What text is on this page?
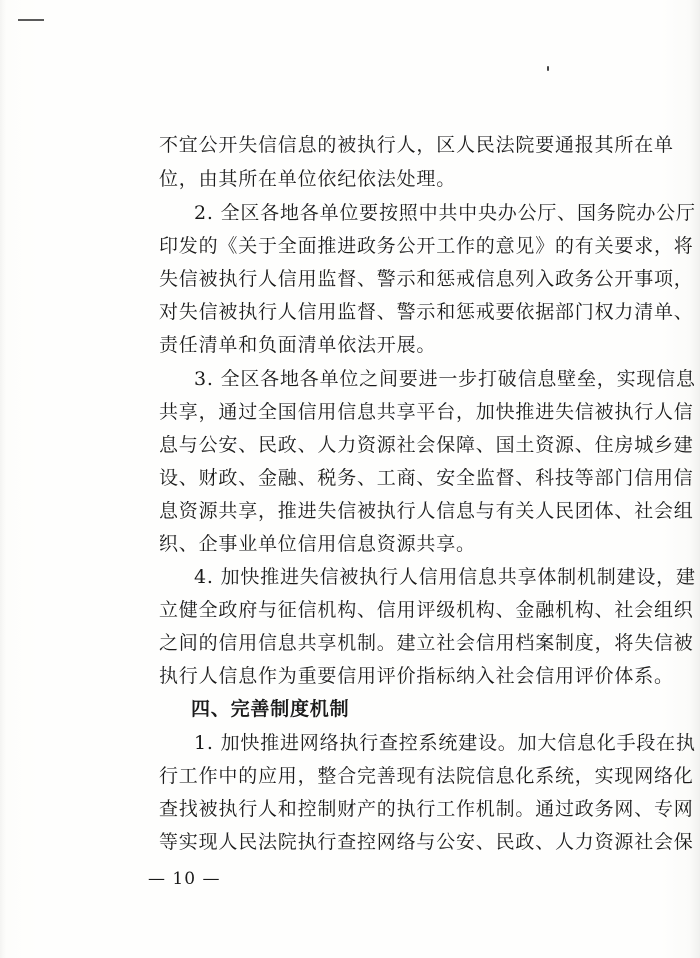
不宜公开失信信息的被执行人，区人民法院要通报其所在单
位，由其所在单位依纪依法处理。
2. 全区各地各单位要按照中共中央办公厅、国务院办公厅
印发的《关于全面推进政务公开工作的意见》的有关要求，将
失信被执行人信用监督、警示和惩戒信息列入政务公开事项，
对失信被执行人信用监督、警示和惩戒要依据部门权力清单、
责任清单和负面清单依法开展。
3. 全区各地各单位之间要进一步打破信息壁垒，实现信息
共享，通过全国信用信息共享平台，加快推进失信被执行人信
息与公安、民政、人力资源社会保障、国土资源、住房城乡建
设、财政、金融、税务、工商、安全监督、科技等部门信用信
息资源共享，推进失信被执行人信息与有关人民团体、社会组
织、企事业单位信用信息资源共享。
4. 加快推进失信被执行人信用信息共享体制机制建设，建
立健全政府与征信机构、信用评级机构、金融机构、社会组织
之间的信用信息共享机制。建立社会信用档案制度，将失信被
执行人信息作为重要信用评价指标纳入社会信用评价体系。
四、完善制度机制
1. 加快推进网络执行查控系统建设。加大信息化手段在执
行工作中的应用，整合完善现有法院信息化系统，实现网络化
查找被执行人和控制财产的执行工作机制。通过政务网、专网
等实现人民法院执行查控网络与公安、民政、人力资源社会保
— 10 —
